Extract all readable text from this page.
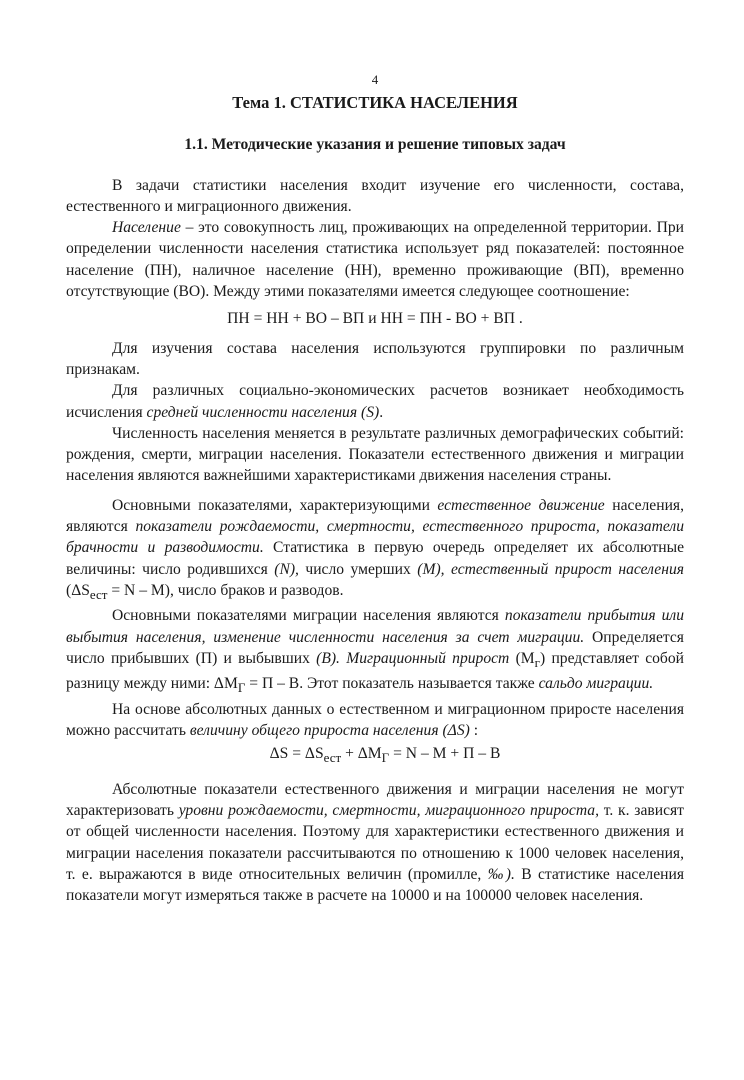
4
Тема 1. СТАТИСТИКА НАСЕЛЕНИЯ
1.1. Методические указания и решение типовых задач

В задачи статистики населения входит изучение его численности, состава, естественного и миграционного движения.

Население – это совокупность лиц, проживающих на определенной территории. При определении численности населения статистика использует ряд показателей: постоянное население (ПН), наличное население (НН), временно проживающие (ВП), временно отсутствующие (ВО). Между этими показателями имеется следующее соотношение:

ПН = НН + ВО – ВП и НН = ПН - ВО + ВП .

Для изучения состава населения используются группировки по различным признакам.

Для различных социально-экономических расчетов возникает необходимость исчисления средней численности населения (S).

Численность населения меняется в результате различных демографических событий: рождения, смерти, миграции населения. Показатели естественного движения и миграции населения являются важнейшими характеристиками движения населения страны.

Основными показателями, характеризующими естественное движение населения, являются показатели рождаемости, смертности, естественного прироста, показатели брачности и разводимости. Статистика в первую очередь определяет их абсолютные величины: число родившихся (N), число умерших (М), естественный прирост населения $(\Delta S_{ест} = N - M)$, число браков и разводов.

Основными показателями миграции населения являются показатели прибытия или выбытия населения, изменение численности населения за счет миграции. Определяется число прибывших (П) и выбывших (В). Миграционный прирост $(М_г)$ представляет собой разницу между ними: $\Delta М_Г = П - В$. Этот показатель называется также сальдо миграции.

На основе абсолютных данных о естественном и миграционном приросте населения можно рассчитать величину общего прироста населения (ΔS) :

$\Delta S = \Delta S_{ест} + \Delta М_Г = N - M + П - В$

Абсолютные показатели естественного движения и миграции населения не могут характеризовать уровни рождаемости, смертности, миграционного прироста, т. к. зависят от общей численности населения. Поэтому для характеристики естественного движения и миграции населения показатели рассчитываются по отношению к 1000 человек населения, т. е. выражаются в виде относительных величин (промилле, ‰). В статистике населения показатели могут измеряться также в расчете на 10000 и на 100000 человек населения.
